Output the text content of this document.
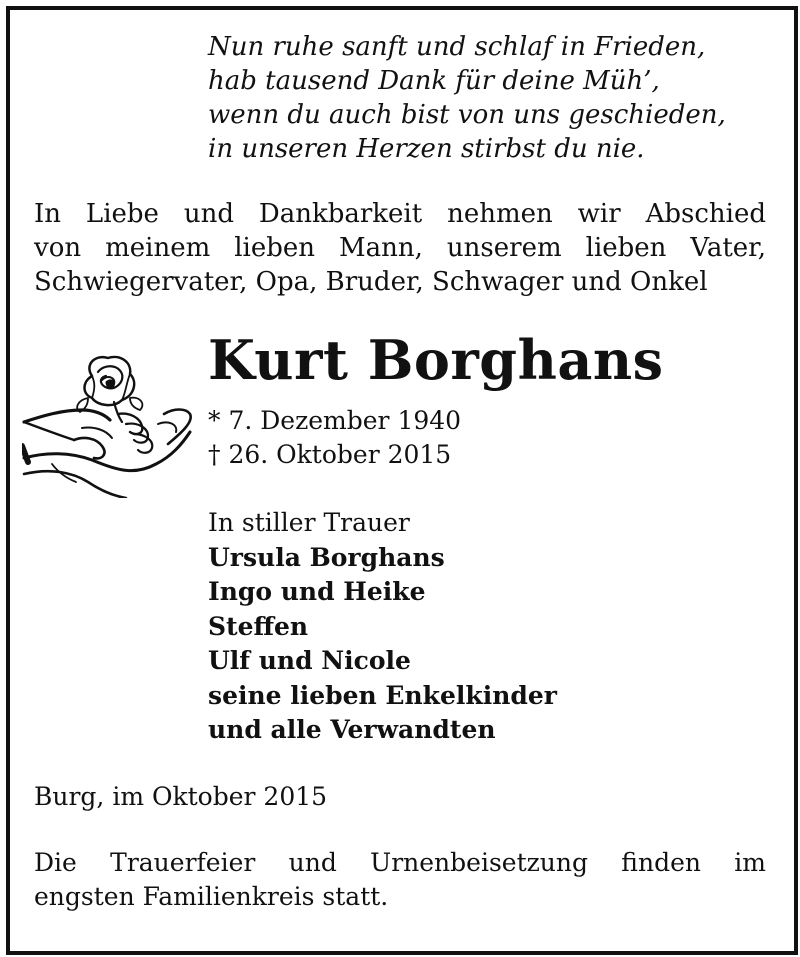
Nun ruhe sanft und schlaf in Frieden,
hab tausend Dank für deine Müh’,
wenn du auch bist von uns geschieden,
in unseren Herzen stirbst du nie.
In Liebe und Dankbarkeit nehmen wir Abschied
von meinem lieben Mann, unserem lieben Vater,
Schwiegervater, Opa, Bruder, Schwager und Onkel
Kurt Borghans
* 7. Dezember 1940
† 26. Oktober 2015
In stiller Trauer
Ursula Borghans
Ingo und Heike
Steffen
Ulf und Nicole
seine lieben Enkelkinder
und alle Verwandten
Burg, im Oktober 2015
Die Trauerfeier und Urnenbeisetzung finden im
engsten Familienkreis statt.
